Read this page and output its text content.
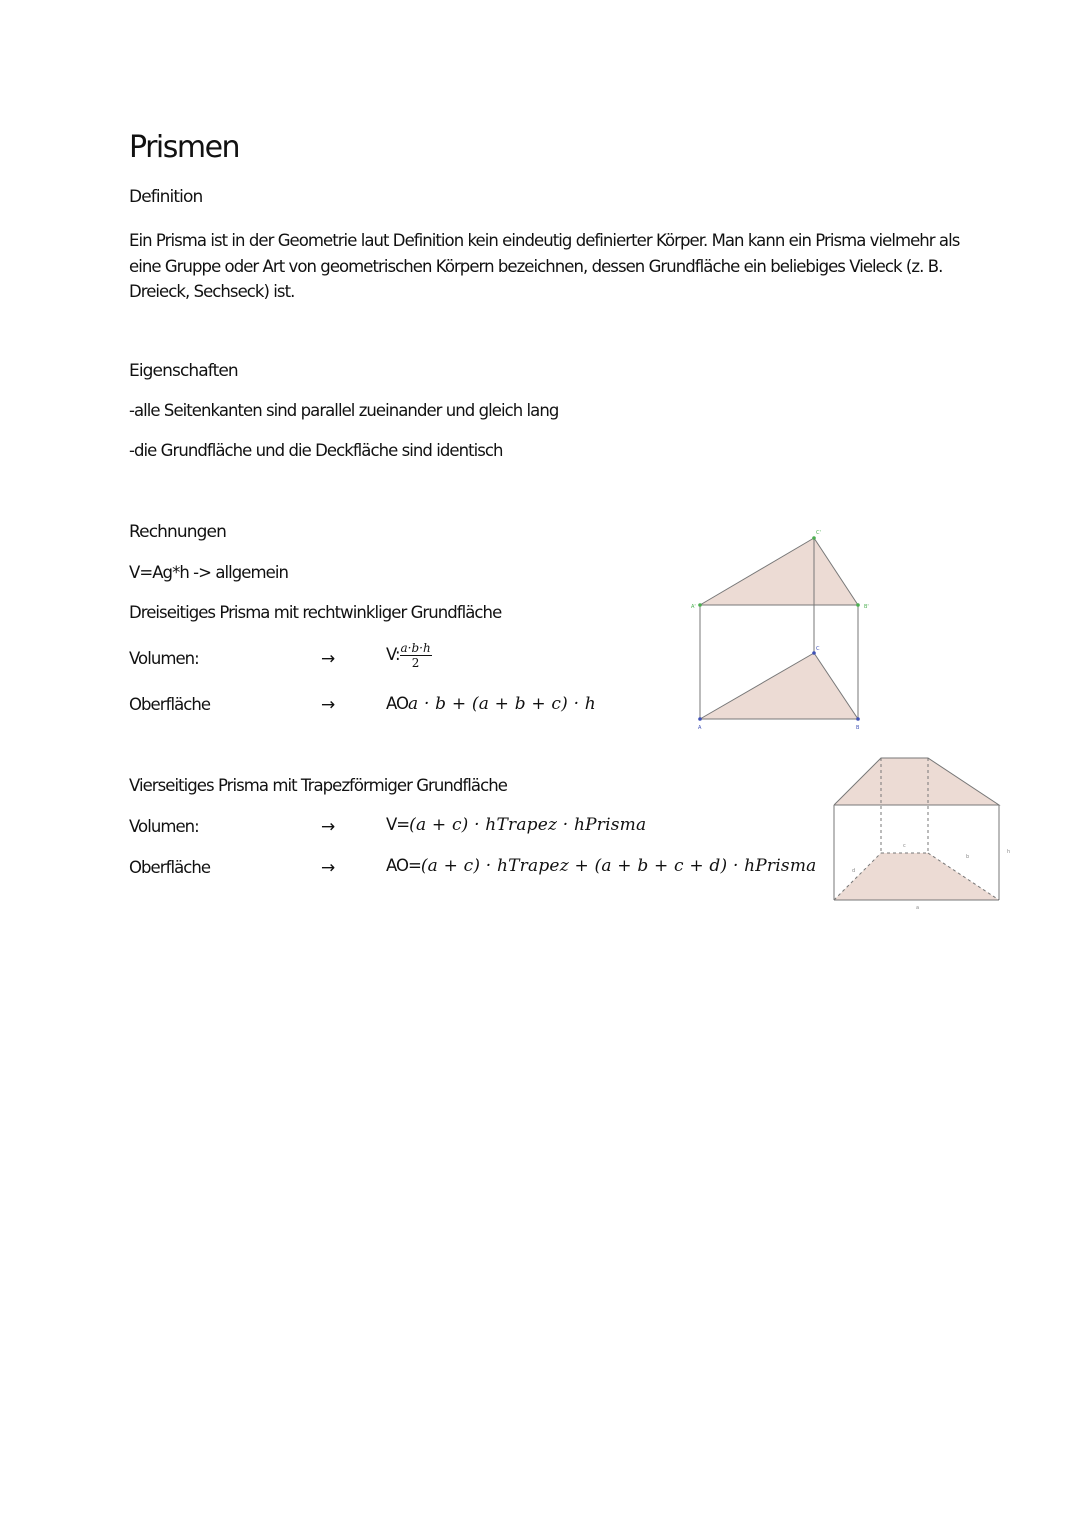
Prismen
Definition
Ein Prisma ist in der Geometrie laut Definition kein eindeutig definierter Körper. Man kann ein Prisma vielmehr als eine Gruppe oder Art von geometrischen Körpern bezeichnen, dessen Grundfläche ein beliebiges Vieleck (z. B. Dreieck, Sechseck) ist.
Eigenschaften
-alle Seitenkanten sind parallel zueinander und gleich lang
-die Grundfläche und die Deckfläche sind identisch
Rechnungen
V=Ag*h -> allgemein
Dreiseitiges Prisma mit rechtwinkliger Grundfläche
Volumen:	→	V: $\frac{a\cdot b\cdot h}{2}$
Oberfläche	→	AOa · b + (a + b + c) · h
Vierseitiges Prisma mit Trapezförmiger Grundfläche
Volumen:	→	V=(a + c) · hTrapez · hPrisma
Oberfläche	→	AO=(a + c) · hTrapez + (a + b + c + d) · hPrisma
C'
A'	B'
C
A	B
c
d
b
a
h
